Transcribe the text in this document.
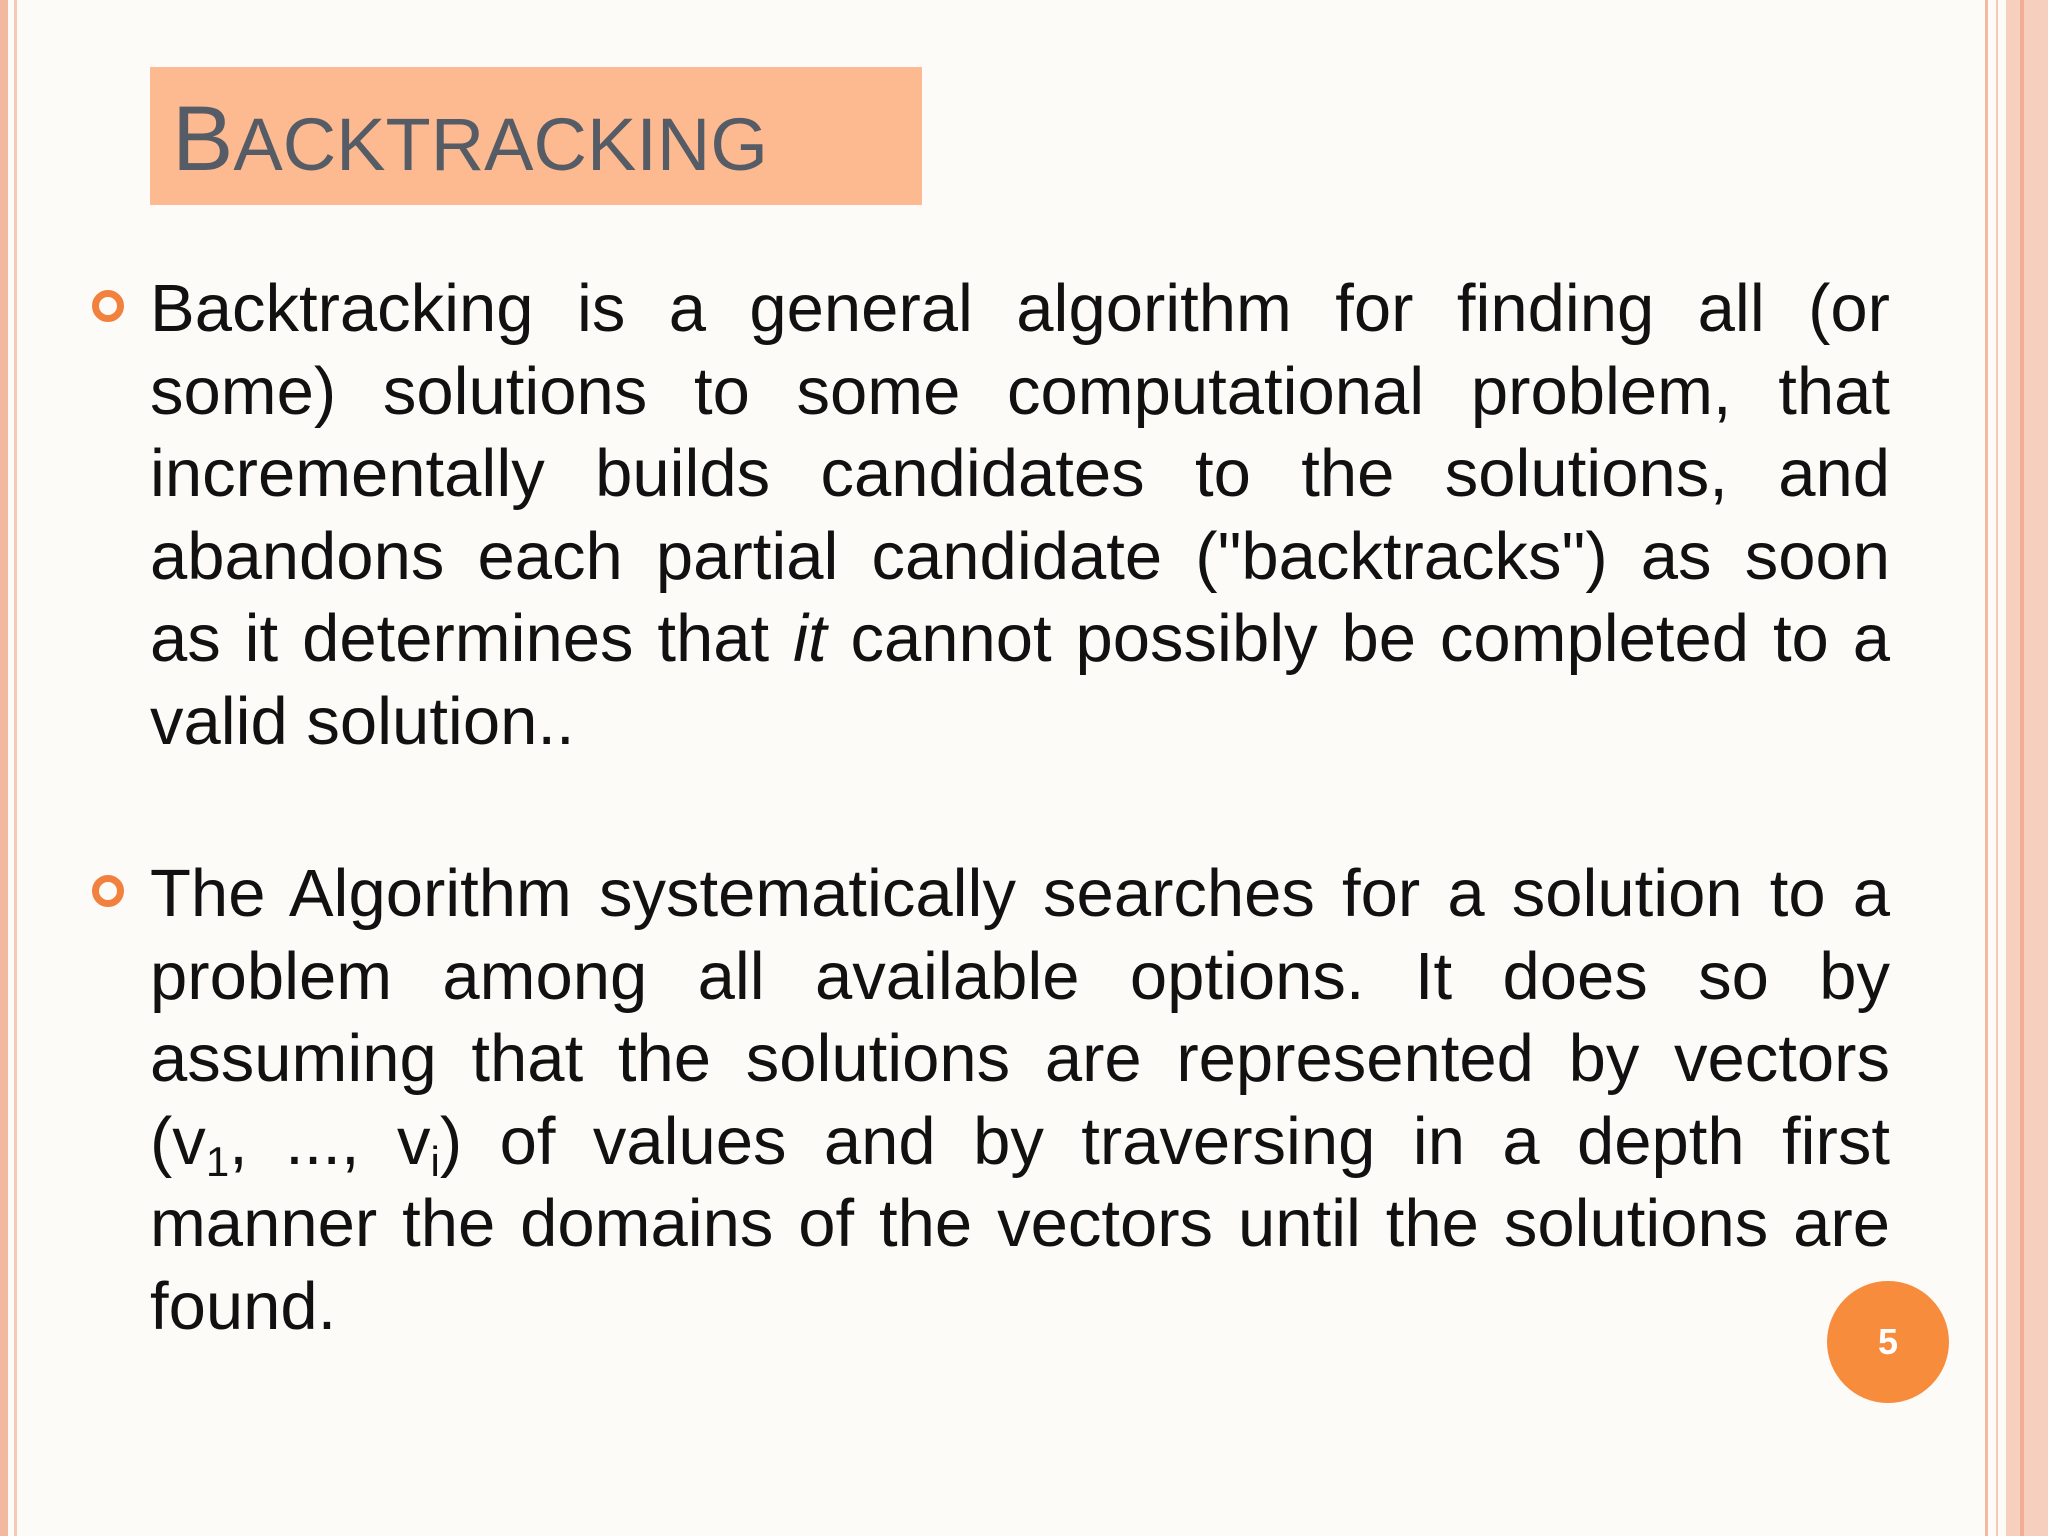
BACKTRACKING
Backtracking is a general algorithm for finding all (or some) solutions to some computational problem, that incrementally builds candidates to the solutions, and abandons each partial candidate ("backtracks") as soon as it determines that it cannot possibly be completed to a valid solution..
The Algorithm systematically searches for a solution to a problem among all available options. It does so by assuming that the solutions are represented by vectors ($v_1$, ..., $v_i$) of values and by traversing in a depth first manner the domains of the vectors until the solutions are found.	5
